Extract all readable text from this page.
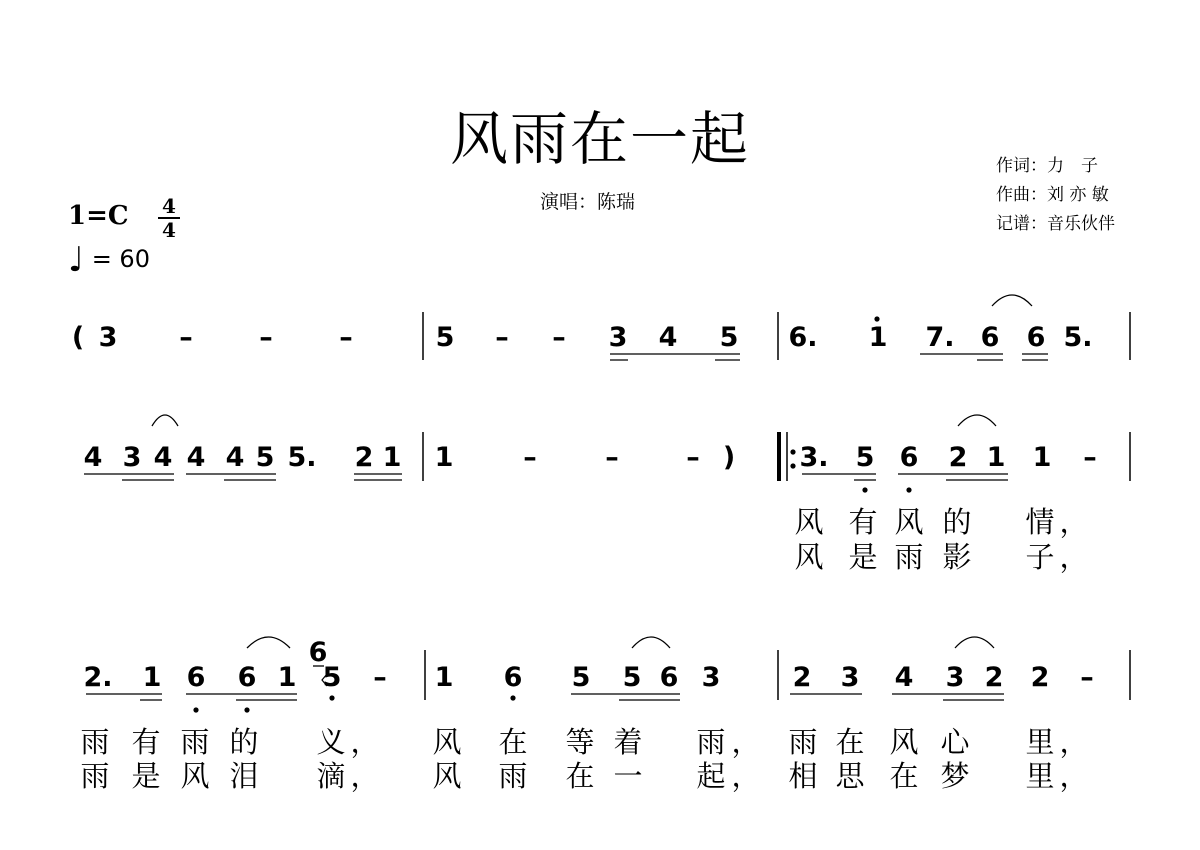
风雨在一起
演唱：陈瑞
作词：力　子
作曲：刘 亦 敏
记谱：音乐伙伴
1=C 4
4
♩ = 60
( 3 – – –	5 – – 3 4 5 6. 1 7. 6 6 5.
4 3 4 4 4 5 5. 2 1 1	–	–	– ) 3. 5 6 2 1 1 –
风 有 风 的 情 ，
风 是 雨 影 子 ，
2. 1 6 6 1
6
5 – 1 6 5 5 6 3	2 3 4 3 2 2 –
雨 有 雨 的 义 ， 风 在 等 着 雨 ， 雨 在 风 心 里 ，
雨 是 风 泪 滴 ， 风 雨 在 一 起 ， 相 思 在 梦 里 ，
